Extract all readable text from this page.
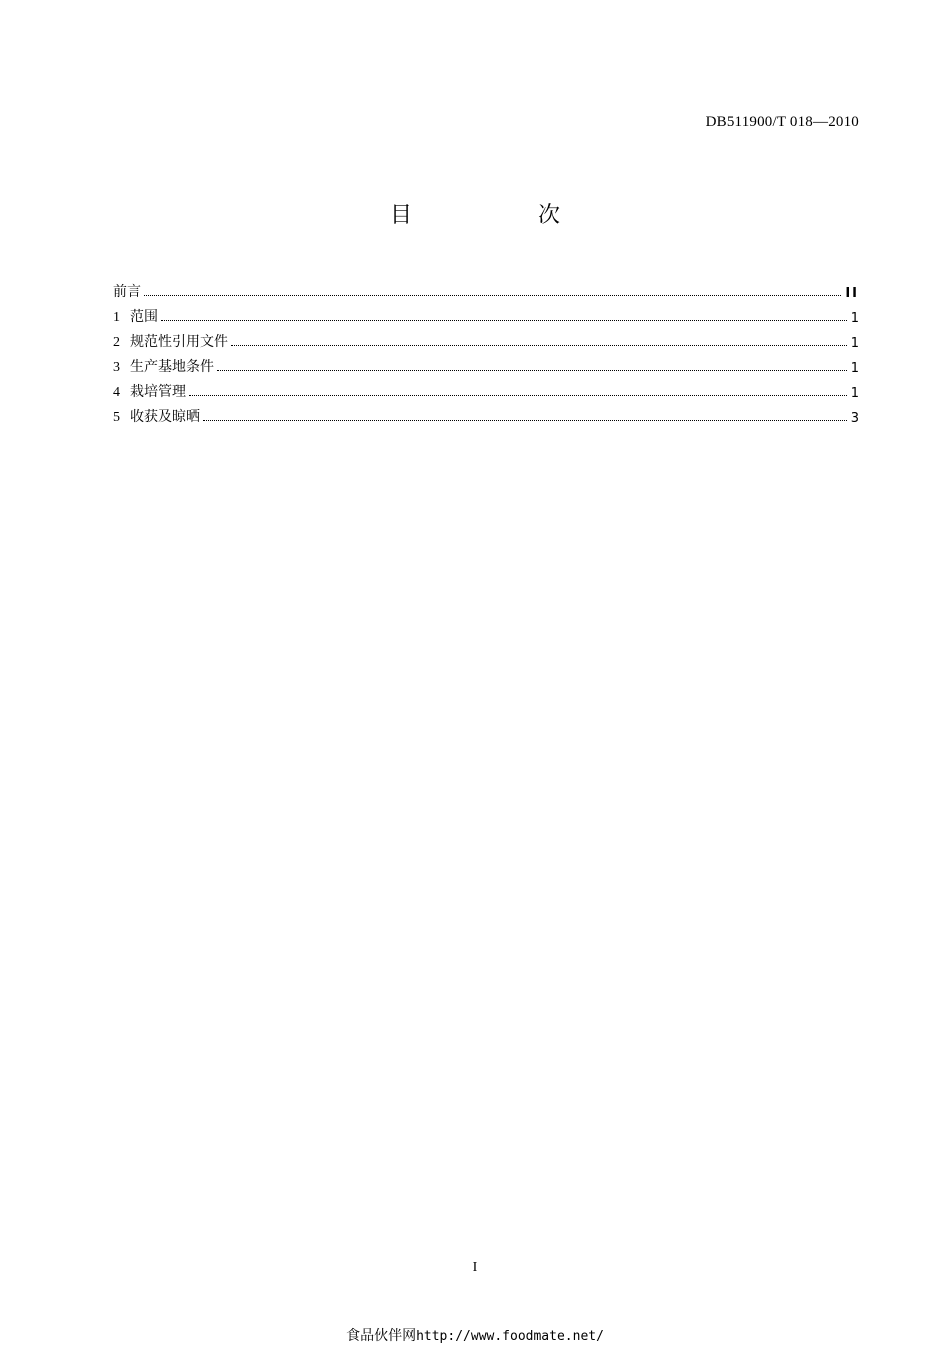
DB511900/T 018—2010
目　次
前言	II
1 范围	1
2 规范性引用文件	1
3 生产基地条件	1
4 栽培管理	1
5 收获及晾晒	3
I
食品伙伴网http://www.foodmate.net/
